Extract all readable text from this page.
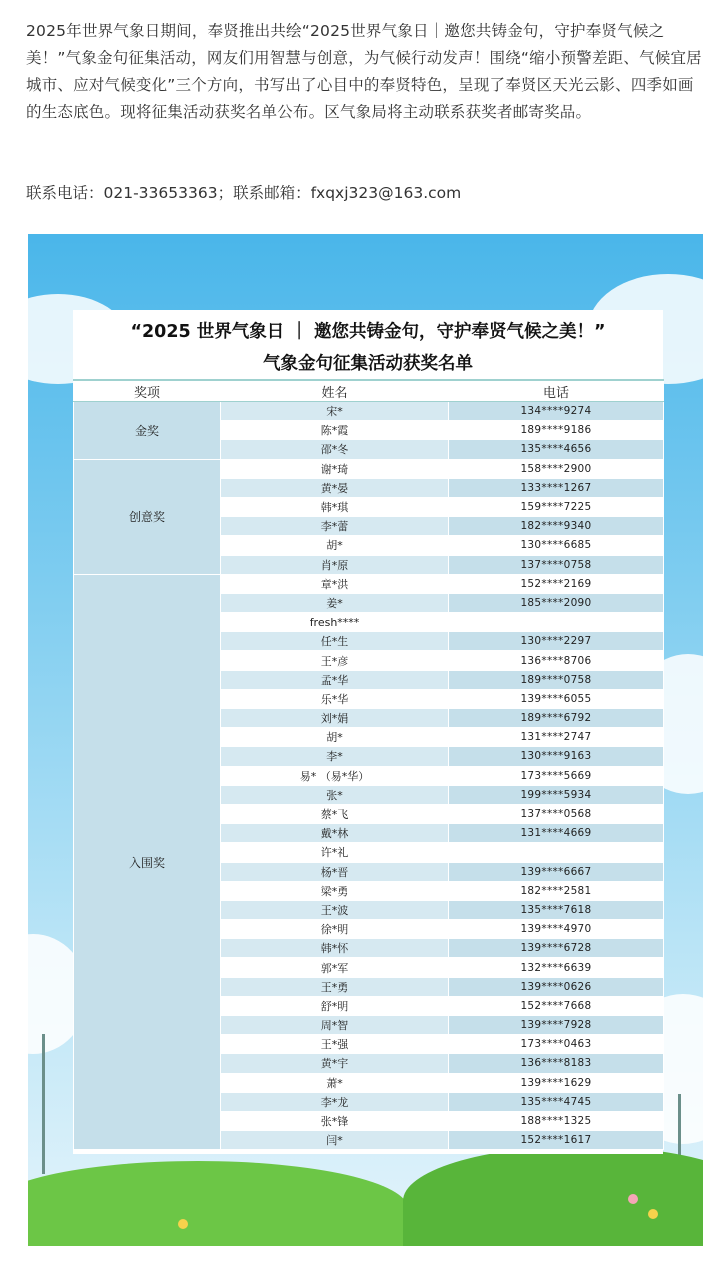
2025年世界气象日期间，奉贤推出共绘“2025世界气象日｜邀您共铸金句，守护奉贤气候之美！”气象金句征集活动，网友们用智慧与创意，为气候行动发声！围绕“缩小预警差距、气候宜居城市、应对气候变化”三个方向，书写出了心目中的奉贤特色，呈现了奉贤区天光云影、四季如画的生态底色。现将征集活动获奖名单公布。区气象局将主动联系获奖者邮寄奖品。

联系电话：021-33653363；联系邮箱：fxqxj323@163.com
“2025 世界气象日 ｜ 邀您共铸金句，守护奉贤气候之美！”
气象金句征集活动获奖名单
奖项	姓名	电话
金奖	宋*	134****9274
	陈*霞	189****9186
	邵*冬	135****4656
创意奖	谢*琦	158****2900
	黄*晏	133****1267
	韩*琪	159****7225
	李*蕾	182****9340
	胡*	130****6685
	肖*原	137****0758
入围奖	章*洪	152****2169
	姜*	185****2090
	fresh****	
	任*生	130****2297
	王*彦	136****8706
	孟*华	189****0758
	乐*华	139****6055
	刘*娟	189****6792
	胡*	131****2747
	李*	130****9163
	易* （易*华）	173****5669
	张*	199****5934
	蔡*飞	137****0568
	戴*林	131****4669
	许*礼	
	杨*晋	139****6667
	梁*勇	182****2581
	王*波	135****7618
	徐*明	139****4970
	韩*怀	139****6728
	郭*军	132****6639
	王*勇	139****0626
	舒*明	152****7668
	周*智	139****7928
	王*强	173****0463
	黄*宇	136****8183
	萧*	139****1629
	李*龙	135****4745
	张*锋	188****1325
	闫*	152****1617
